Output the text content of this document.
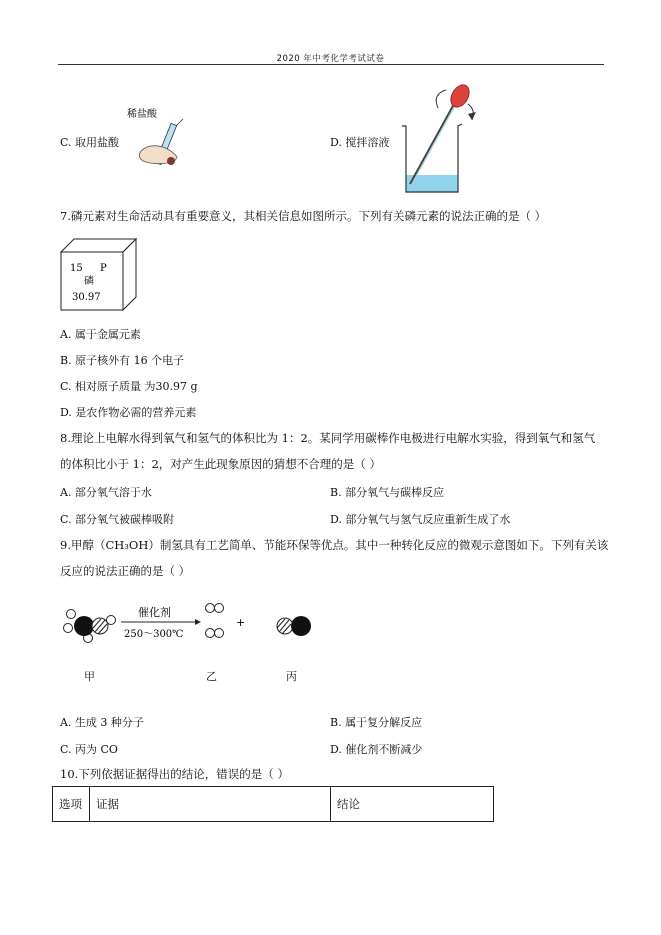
2020 年中考化学考试试卷
C. 取用盐酸
稀盐酸
D. 搅拌溶液
7.磷元素对生命活动具有重要意义，其相关信息如图所示。下列有关磷元素的说法正确的是（ ）
15 P
磷
30.97
A. 属于金属元素
B. 原子核外有 16 个电子
C. 相对原子质量 为30.97 g
D. 是农作物必需的营养元素
8.理论上电解水得到氧气和氢气的体积比为 1：2。某同学用碳棒作电极进行电解水实验，得到氧气和氢气
的体积比小于 1：2，对产生此现象原因的猜想不合理的是（ ）
A. 部分氧气溶于水	B. 部分氧气与碳棒反应
C. 部分氧气被碳棒吸附	D. 部分氧气与氢气反应重新生成了水
9.甲醇（CH₃OH）制氢具有工艺简单、节能环保等优点。其中一种转化反应的微观示意图如下。下列有关该
反应的说法正确的是（ ）
催化剂
250～300℃
+
甲	乙	丙
A. 生成 3 种分子	B. 属于复分解反应
C. 丙为 CO	D. 催化剂不断减少
10.下列依据证据得出的结论，错误的是（ ）
选项	证据	结论
